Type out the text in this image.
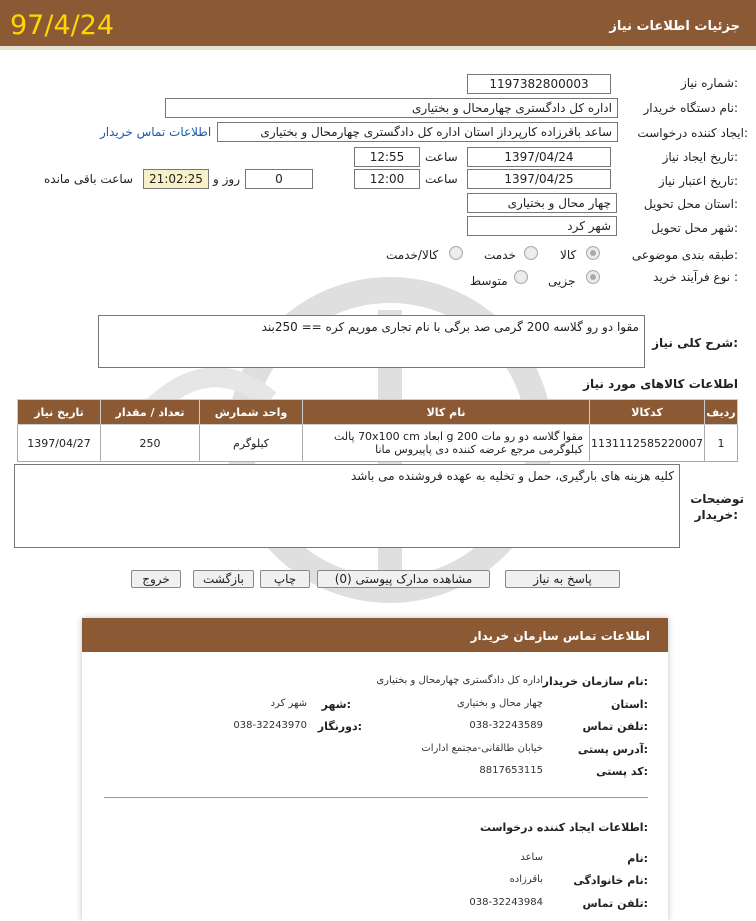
97/4/24	جزئیات اطلاعات نیاز
شماره نیاز:
1197382800003
نام دستگاه خریدار:
اداره کل دادگستری چهارمحال و بختیاری
ایجاد کننده درخواست:
ساعد باقرزاده کارپرداز استان اداره کل دادگستری چهارمحال و بختیاری
اطلاعات تماس خریدار
تاریخ ایجاد نیاز:
1397/04/24
ساعت
12:55
تاریخ اعتبار نیاز:
1397/04/25
ساعت
12:00
0
روز و
21:02:25
ساعت باقی مانده
استان محل تحویل:
چهار محال و بختیاری
شهر محل تحویل:
شهر کرد
طبقه بندی موضوعی:
کالا
خدمت
کالا/خدمت
نوع فرآیند خرید :
جزیی
متوسط
شرح کلی نیاز:
مقوا دو رو گلاسه 200 گرمی صد برگی با نام تجاری موریم کره == 250بند
اطلاعات کالاهای مورد نیاز
ردیف	کدکالا	نام کالا	واحد شمارش	تعداد / مقدار	تاریخ نیاز
1	1131112585220007	مقوا گلاسه دو رو مات 200 g ابعاد 70x100 cm پالت
کیلوگرمی مرجع عرضه کننده دی پاپیروس مانا	کیلوگرم	250	1397/04/27
توضیحات
خریدار:
کلیه هزینه های بارگیری، حمل و تخلیه به عهده فروشنده می باشد
پاسخ به نیاز
مشاهده مدارک پیوستی (0)
چاپ
بازگشت
خروج
اطلاعات تماس سازمان خریدار
نام سازمان خریدار:
اداره کل دادگستری چهارمحال و بختیاری
استان:
چهار محال و بختیاری
شهر:
شهر کرد
تلفن تماس:
038-32243589
دورنگار:
038-32243970
آدرس پستی:
خیابان طالقانی-مجتمع ادارات
کد پستی:
8817653115
اطلاعات ایجاد کننده درخواست:
نام:
ساعد
نام خانوادگی:
باقرزاده
تلفن تماس:
038-32243984
